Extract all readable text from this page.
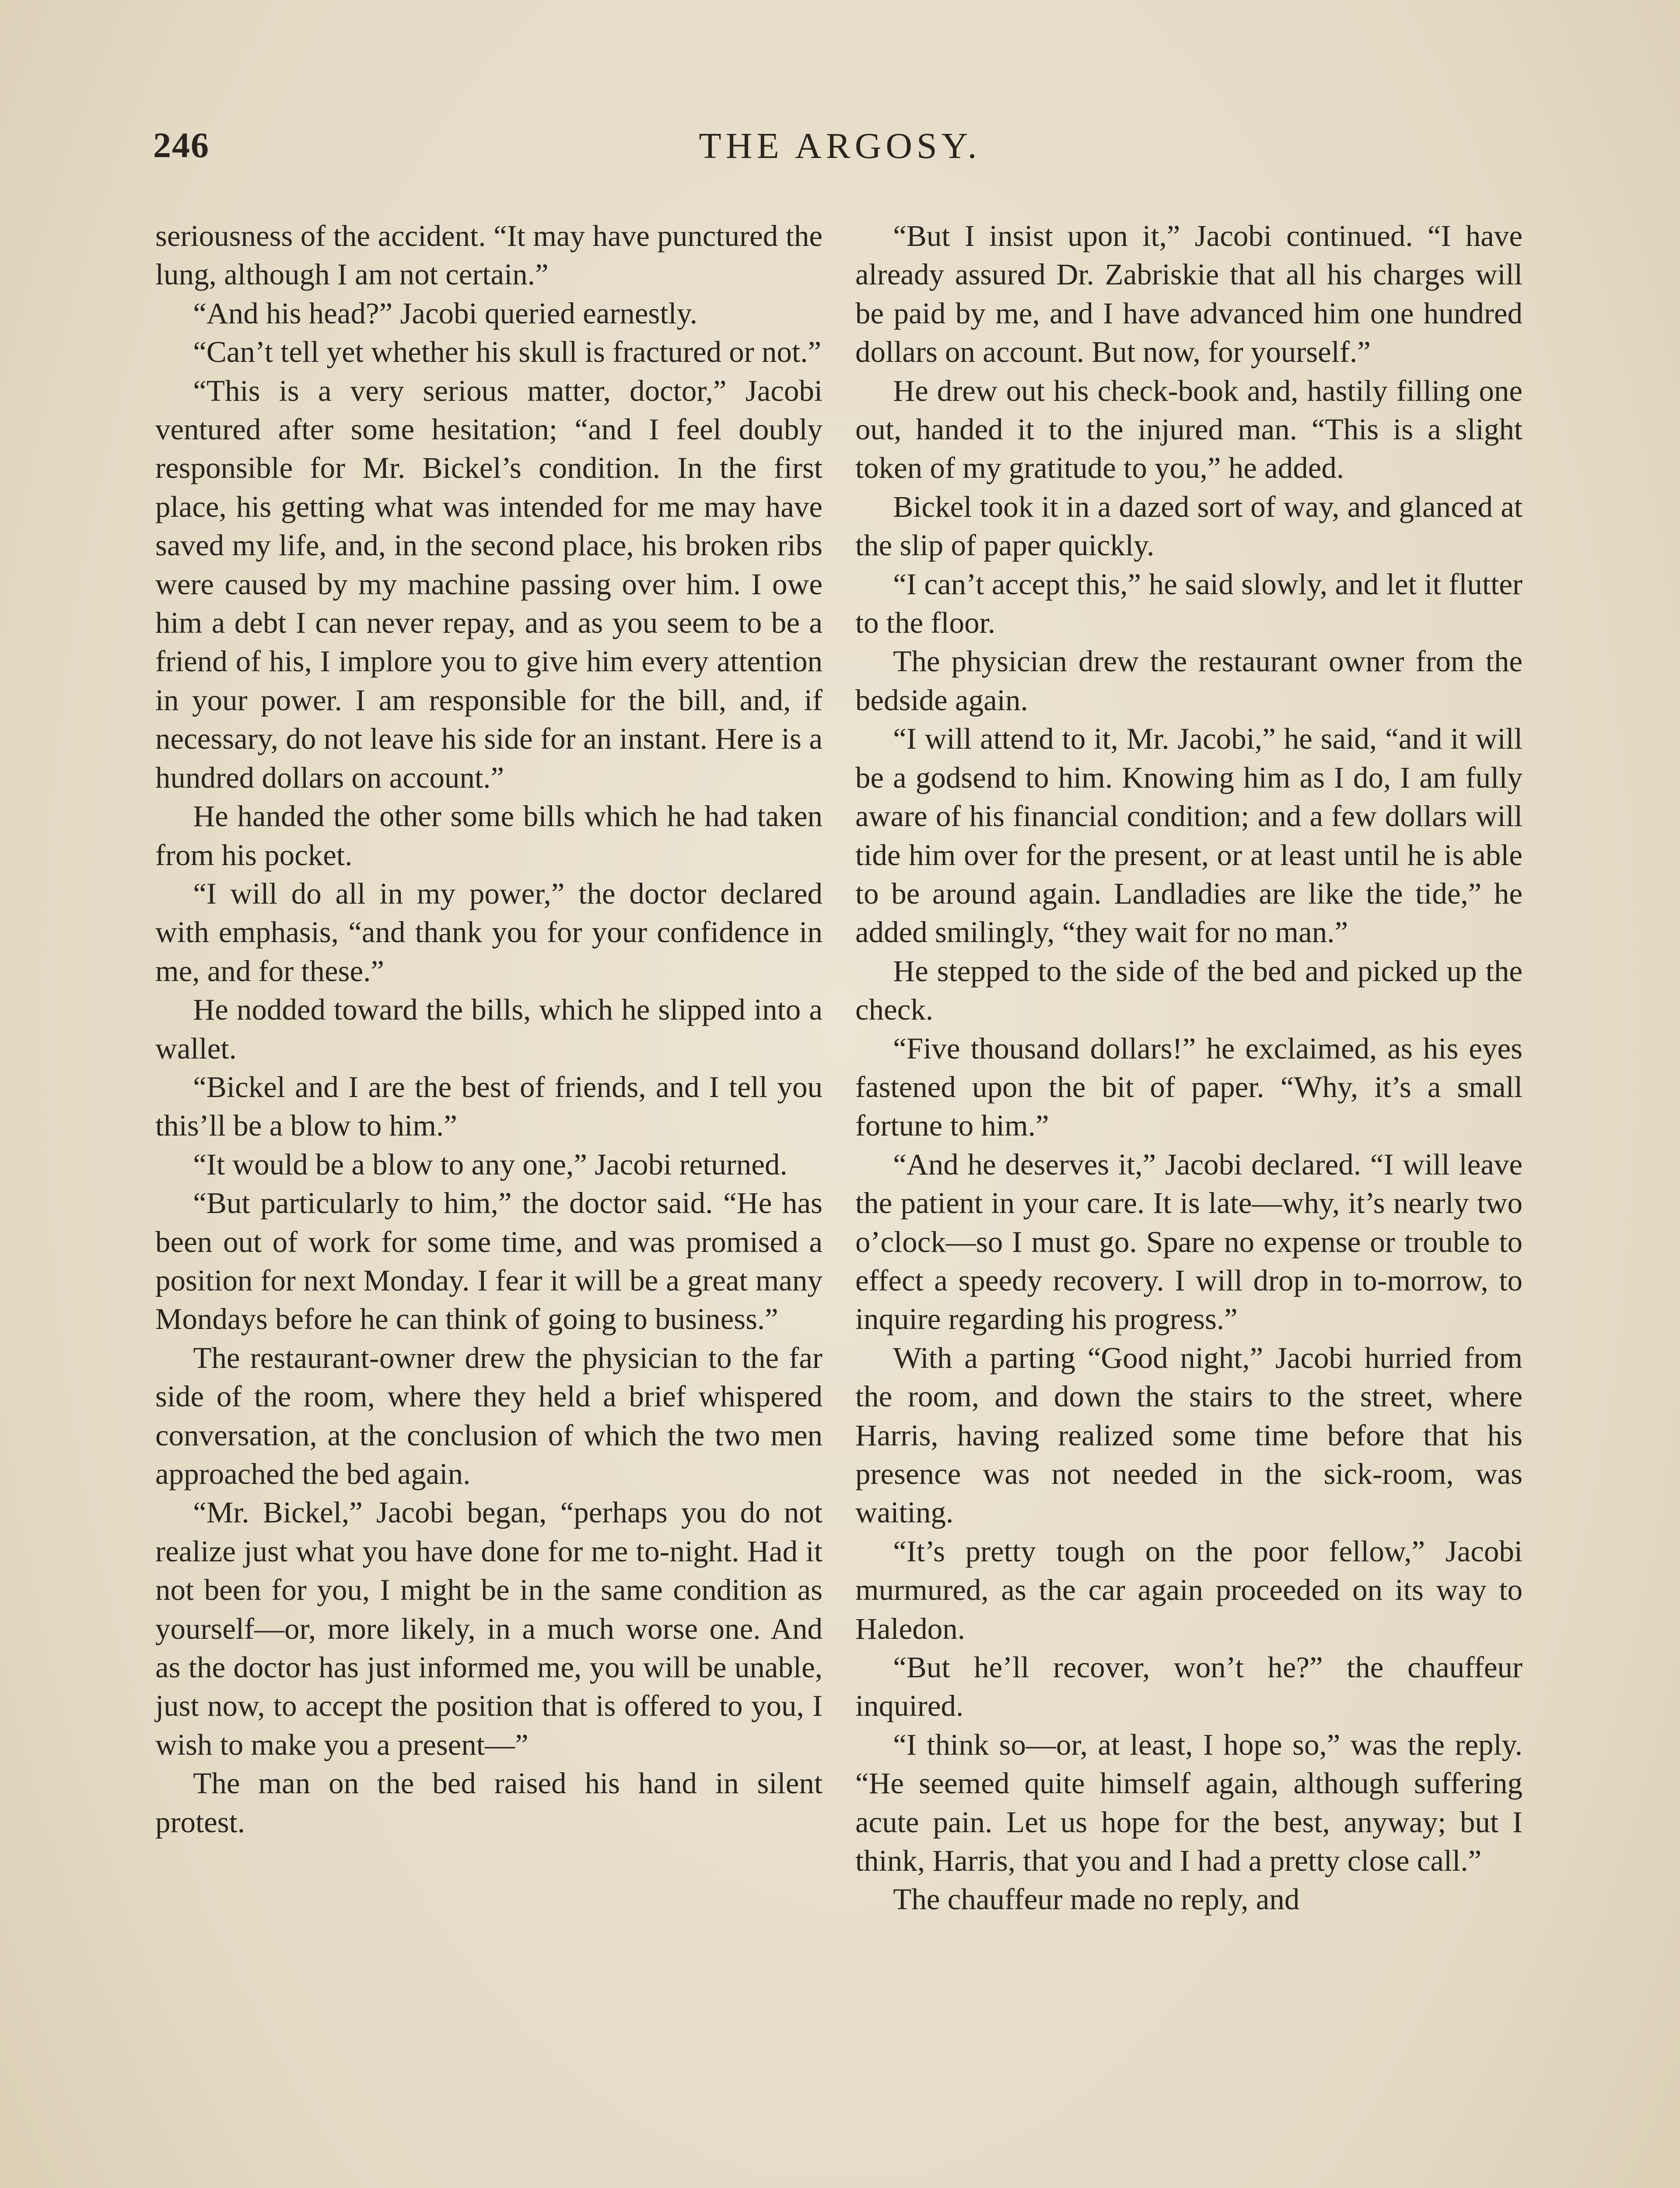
246	THE ARGOSY.

seriousness of the accident. “It may have punctured the lung, although I am not certain.”

“And his head?” Jacobi queried earnestly.

“Can’t tell yet whether his skull is fractured or not.”

“This is a very serious matter, doctor,” Jacobi ventured after some hesitation; “and I feel doubly responsible for Mr. Bickel’s condition. In the first place, his getting what was intended for me may have saved my life, and, in the second place, his broken ribs were caused by my machine passing over him. I owe him a debt I can never repay, and as you seem to be a friend of his, I implore you to give him every attention in your power. I am responsible for the bill, and, if necessary, do not leave his side for an instant. Here is a hundred dollars on account.”

He handed the other some bills which he had taken from his pocket.

“I will do all in my power,” the doctor declared with emphasis, “and thank you for your confidence in me, and for these.”

He nodded toward the bills, which he slipped into a wallet.

“Bickel and I are the best of friends, and I tell you this’ll be a blow to him.”

“It would be a blow to any one,” Jacobi returned.

“But particularly to him,” the doctor said. “He has been out of work for some time, and was promised a position for next Monday. I fear it will be a great many Mondays before he can think of going to business.”

The restaurant-owner drew the physician to the far side of the room, where they held a brief whispered conversation, at the conclusion of which the two men approached the bed again.

“Mr. Bickel,” Jacobi began, “perhaps you do not realize just what you have done for me to-night. Had it not been for you, I might be in the same condition as yourself—or, more likely, in a much worse one. And as the doctor has just informed me, you will be unable, just now, to accept the position that is offered to you, I wish to make you a present—”

The man on the bed raised his hand in silent protest.

“But I insist upon it,” Jacobi continued. “I have already assured Dr. Zabriskie that all his charges will be paid by me, and I have advanced him one hundred dollars on account. But now, for yourself.”

He drew out his check-book and, hastily filling one out, handed it to the injured man. “This is a slight token of my gratitude to you,” he added.

Bickel took it in a dazed sort of way, and glanced at the slip of paper quickly.

“I can’t accept this,” he said slowly, and let it flutter to the floor.

The physician drew the restaurant owner from the bedside again.

“I will attend to it, Mr. Jacobi,” he said, “and it will be a godsend to him. Knowing him as I do, I am fully aware of his financial condition; and a few dollars will tide him over for the present, or at least until he is able to be around again. Landladies are like the tide,” he added smilingly, “they wait for no man.”

He stepped to the side of the bed and picked up the check.

“Five thousand dollars!” he exclaimed, as his eyes fastened upon the bit of paper. “Why, it’s a small fortune to him.”

“And he deserves it,” Jacobi declared. “I will leave the patient in your care. It is late—why, it’s nearly two o’clock—so I must go. Spare no expense or trouble to effect a speedy recovery. I will drop in to-morrow, to inquire regarding his progress.”

With a parting “Good night,” Jacobi hurried from the room, and down the stairs to the street, where Harris, having realized some time before that his presence was not needed in the sick-room, was waiting.

“It’s pretty tough on the poor fellow,” Jacobi murmured, as the car again proceeded on its way to Haledon.

“But he’ll recover, won’t he?” the chauffeur inquired.

“I think so—or, at least, I hope so,” was the reply. “He seemed quite himself again, although suffering acute pain. Let us hope for the best, anyway; but I think, Harris, that you and I had a pretty close call.”

The chauffeur made no reply, and
